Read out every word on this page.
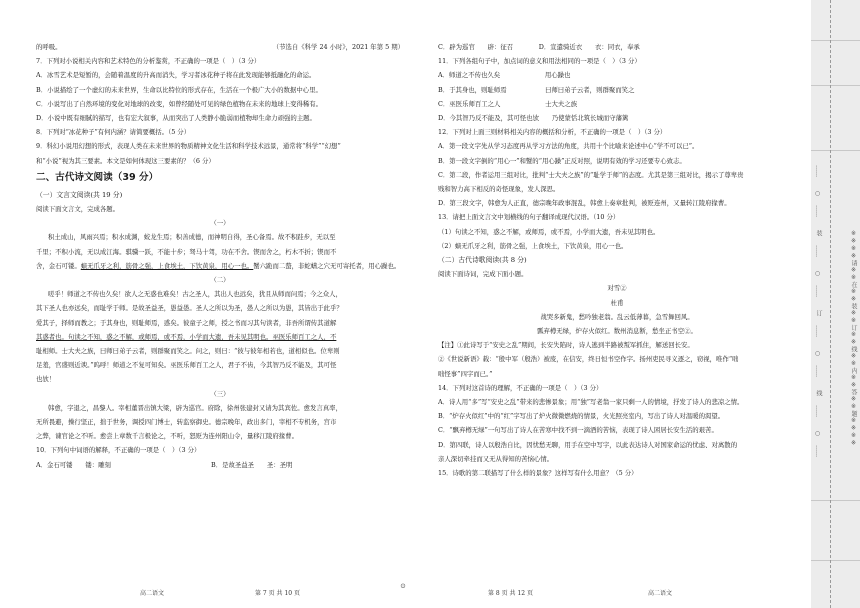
的呼吸。	（节选自《科学 24 小时》，2021 年第 5 期）
7．下列对小说相关内容和艺术特色的分析鉴赏，不正确的一项是（　）（3 分）
A．冰雪艺术是短暂的，会随着温度的升高而消失，学习者冰花种子将在此发现能够抵融化的命运。
B．小说描绘了一个虚幻的未来世界，生命以比特位的形式存在，生活在一个极广大小的数据中心里。
C．小说写出了自然环境的变化对地球的改变，如曾经随处可见的绿色植物在未来的地球上变得稀有。
D．小说中既有细腻的描写，也有宏大叙事，从而突出了人类静小脆弱而植物却生命力顽强的主题。
8．下列对“冰花种子”有何内涵？请简要概括。（5 分）
9．科幻小说用幻想的形式，表现人类在未来世界的物质精神文化生活和科学技术远景，通常将“科学”“幻想”
和“小说”视为其三要素。本文是如何体现这三要素的？（6 分）
二、古代诗文阅读（39 分）
（一）文言文阅读(共 19 分)
阅读下面文言文，完成各题。
（一）
积土成山，风雨兴焉；积水成渊，蛟龙生焉；积善成德，而神明自得，圣心备焉。故不积跬步，无以至
千里；不积小流，无以成江海。骐骥一跃，不能十步；驽马十驾，功在不舍。锲而舍之，朽木不折；锲而不
舍，金石可镂。螾无爪牙之利，筋骨之强，上食埃土，下饮黄泉，用心一也。蟹六跪而二螯，非蛇蟮之穴无可寄托者，用心躁也。
（二）
嗟乎！师道之不传也久矣！欲人之无惑也难矣！古之圣人，其出人也远矣，犹且从师而问焉；今之众人，
其下圣人也亦远矣，而耻学于师。是故圣益圣，愚益愚。圣人之所以为圣，愚人之所以为愚，其皆出于此乎？
爱其子，择师而教之；于其身也，则耻师焉，惑矣。彼童子之师，授之书而习其句读者，非吾所谓传其道解
其惑者也。句读之不知，惑之不解，或师焉，或不焉，小学而大遗，吾未见其明也。巫医乐师百工之人，不
耻相师。士大夫之族，曰师曰弟子云者，则群聚而笑之。问之，则曰：“彼与彼年相若也，道相似也。位卑则
足羞，官盛则近谀。”呜呼！师道之不复可知矣。巫医乐师百工之人，君子不齿，今其智乃反不能及，其可怪
也欤！
（三）
韩愈，字退之，昌黎人。宰相董晋出镇大梁，辟为巡官。府除，徐州张建封又请为其宾佐。愈发言真率，
无所畏避，操行坚正，拙于世务，调授四门博士，转监察御史。德宗晚年，政出多门，宰相不专机务，宫市
之弊，谏官论之不听。愈尝上章数千言极论之，不听，怒贬为连州阳山令，量移江陵府掾曹。
10．下列句中词语的解释，不正确的一项是（　）（3 分）
A．金石可镂　　镂：雕刻	B．是故圣益圣　　圣：圣明
高二语文	第 7 页 共 10 页
⊙
C．辟为巡官　　辟：征召　　　　D．宣遣骑近衣　　衣：同衣，奉承
11．下列各组句子中，加点词的意义和用法相同的一项是（　）（3 分）
A．师道之不传也久矣　　　　　　　用心躁也
B．于其身也，则耻师焉　　　　　　曰师曰弟子云者，则群聚而笑之
C．巫医乐师百工之人　　　　　　　士大夫之族
D．今其智乃反不能及，其可怪也欤　　乃使蒙恬北筑长城而守藩篱
12．下列对上面三则材料相关内容的概括和分析，不正确的一项是（　）（3 分）
A．第一段文字先从学习态度再从学习方法的角度，共用十个比喻来论述中心“学不可以已”。
B．第一段文字倒的“用心一”和蟹的“用心躁”正反对照，说明有效的学习还要专心致志。
C．第二段，作者运用三组对比，批判“士大夫之族”的“耻学于师”的态度。尤其是第三组对比，揭示了尊卑贵
贱和智力高下相反的奇怪现象，发人深思。
D．第三段文字，韩愈为人正直，德宗晚年政事混乱，韩愈上奏章批判，被贬连州，又量转江陵府掾曹。
13．请把上面文言文中划横线的句子翻译成现代汉语。（10 分）
（1）句读之不知，惑之不解，或师焉，或不焉，小学而大遗，吾未见其明也。
（2）螾无爪牙之利，筋骨之强，上食埃土，下饮黄泉，用心一也。
（二）古代诗歌阅读(共 8 分)
阅读下面诗词，完成下面小题。
对雪②
杜甫
战哭多新鬼，愁吟独老翁。乱云低薄暮，急雪舞回风。
瓢弃樽无绿，炉存火似红。数州消息断，愁坐正书空②。
【注】①此诗写于“安史之乱”期间，长安失陷时，诗人逃到半路被叛军抓住，解送回长安。
②《世说新语》载：“殷中军（殷浩）被废，在信安，终日恒书空作字。扬州吏民寻义逐之，窃视，唯作“咄
咄怪事”四字而已。”
14．下列对这首诗的理解，不正确的一项是（　）（3 分）
A．诗人用“多”写“安史之乱”带来的悲惨景象；用“独”写老翁一家只剩一人的情境，抒发了诗人的悲凉之情。
B．“炉存火似红”中的“红”字写出了炉火微微燃烧的情景，火光照亮室内，写出了诗人对温暖的渴望。
C．“飘弃樽无绿”一句写出了诗人在苦寒中找不到一滴酒的苦恼，表现了诗人困居长安生活的艰苦。
D．第四联，诗人以殷浩自比，因忧愁无聊，用手在空中写字，以此表达诗人对国家命运的忧虑、对离散的
亲人深切牵挂而又无从得知的苦恼心情。
15．诗歌的第二联描写了什么样的景象？这样写有什么用意？（5 分）
第 8 页 共 12 页	高二语文
※※※※请※※在※※装※※订※※线※※内※※答※※题※※※※
……
○
……
装
……
○
……
订
……
○
……
线
……
○
……
